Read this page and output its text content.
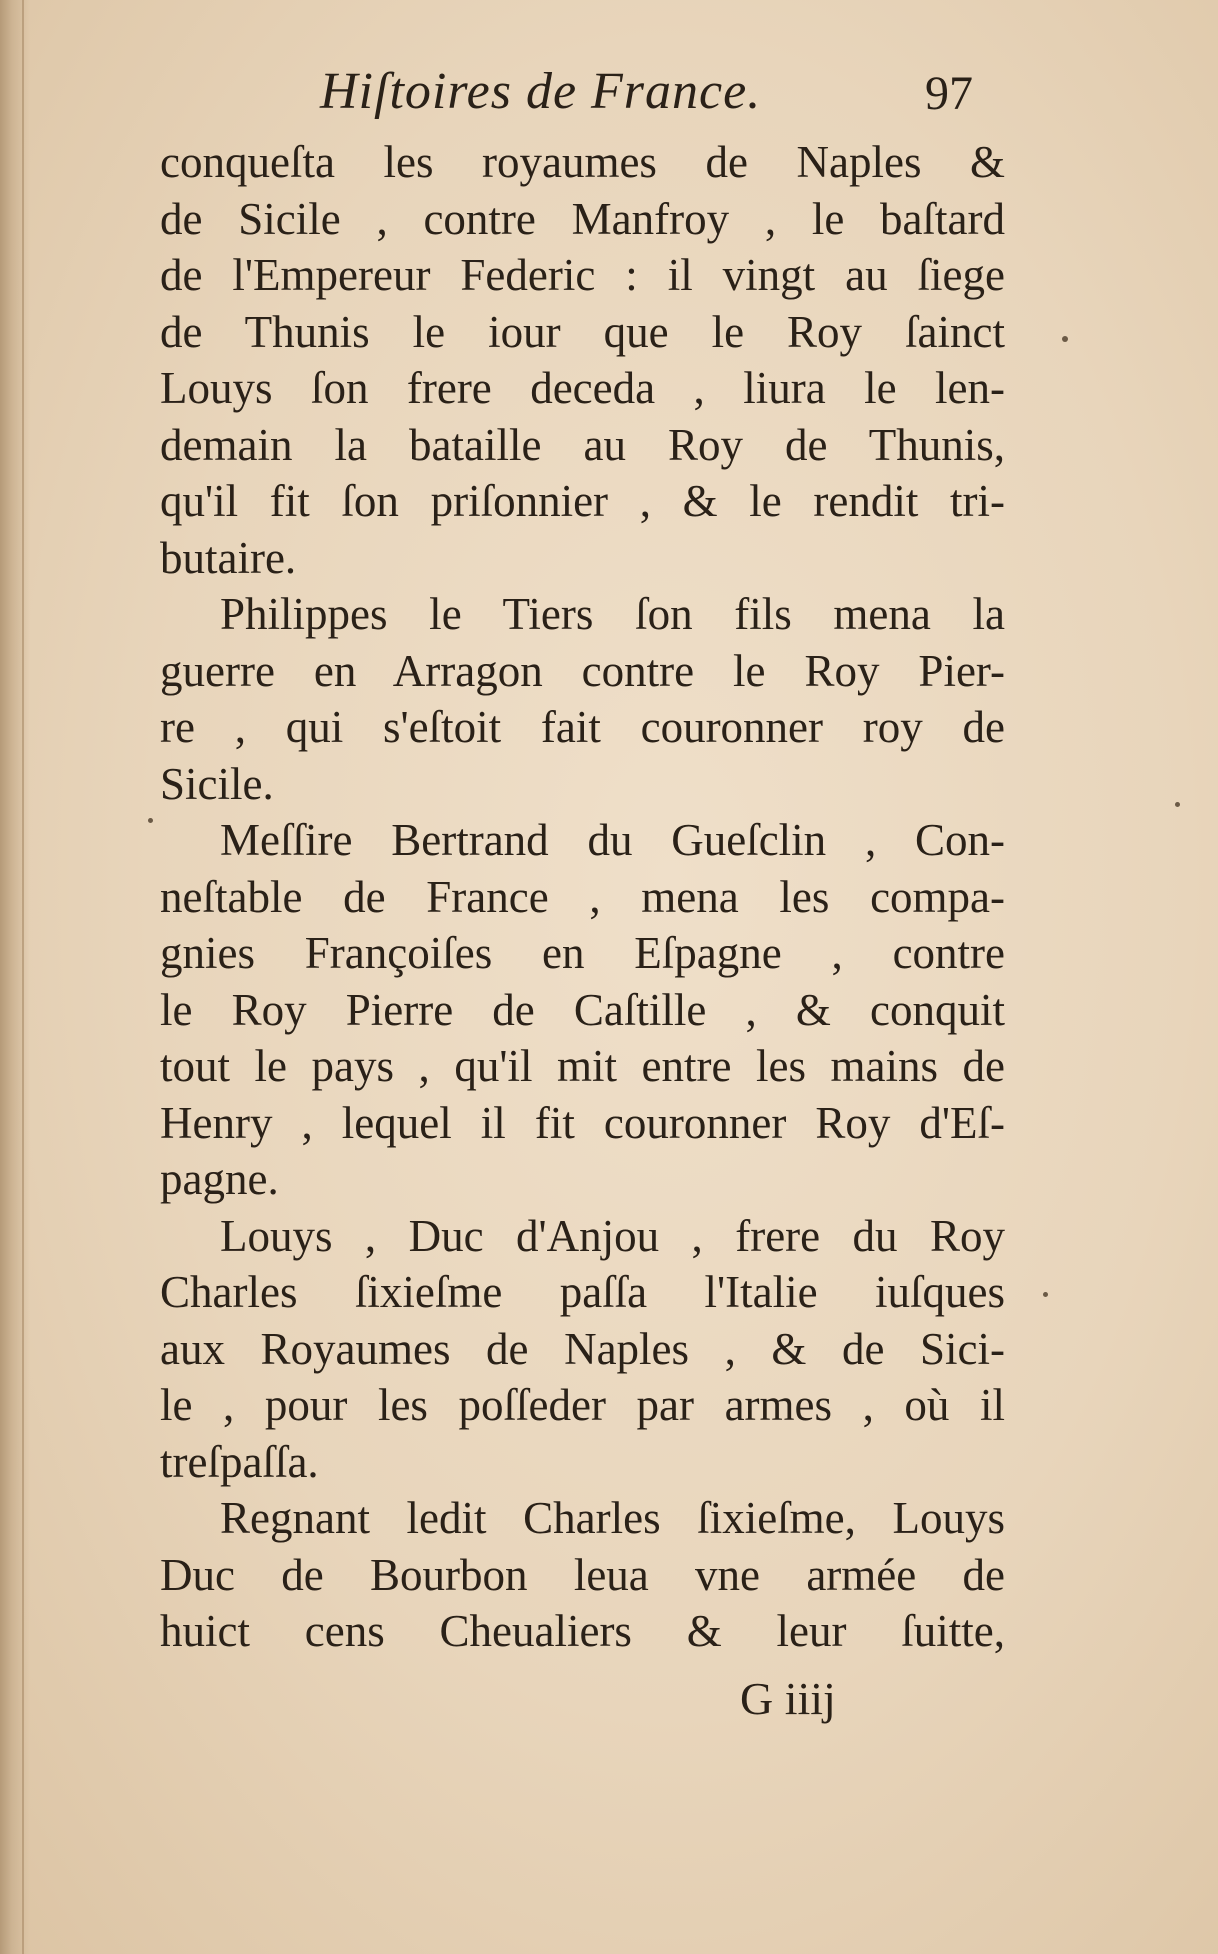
Hiſtoires de France.	97
conqueſta les royaumes de Naples &
de Sicile , contre Manfroy , le baſtard
de l'Empereur Federic : il vingt au ſiege
de Thunis le iour que le Roy ſainct
Louys ſon frere deceda , liura le len-
demain la bataille au Roy de Thunis,
qu'il fit ſon priſonnier , & le rendit tri-
butaire.
Philippes le Tiers ſon fils mena la
guerre en Arragon contre le Roy Pier-
re , qui s'eſtoit fait couronner roy de
Sicile.
Meſſire Bertrand du Gueſclin , Con-
neſtable de France , mena les compa-
gnies Françoiſes en Eſpagne , contre
le Roy Pierre de Caſtille , & conquit
tout le pays , qu'il mit entre les mains de
Henry , lequel il fit couronner Roy d'Eſ-
pagne.
Louys , Duc d'Anjou , frere du Roy
Charles ſixieſme paſſa l'Italie iuſques
aux Royaumes de Naples , & de Sici-
le , pour les poſſeder par armes , où il
treſpaſſa.
Regnant ledit Charles ſixieſme, Louys
Duc de Bourbon leua vne armée de
huict cens Cheualiers & leur ſuitte,
G iiij
